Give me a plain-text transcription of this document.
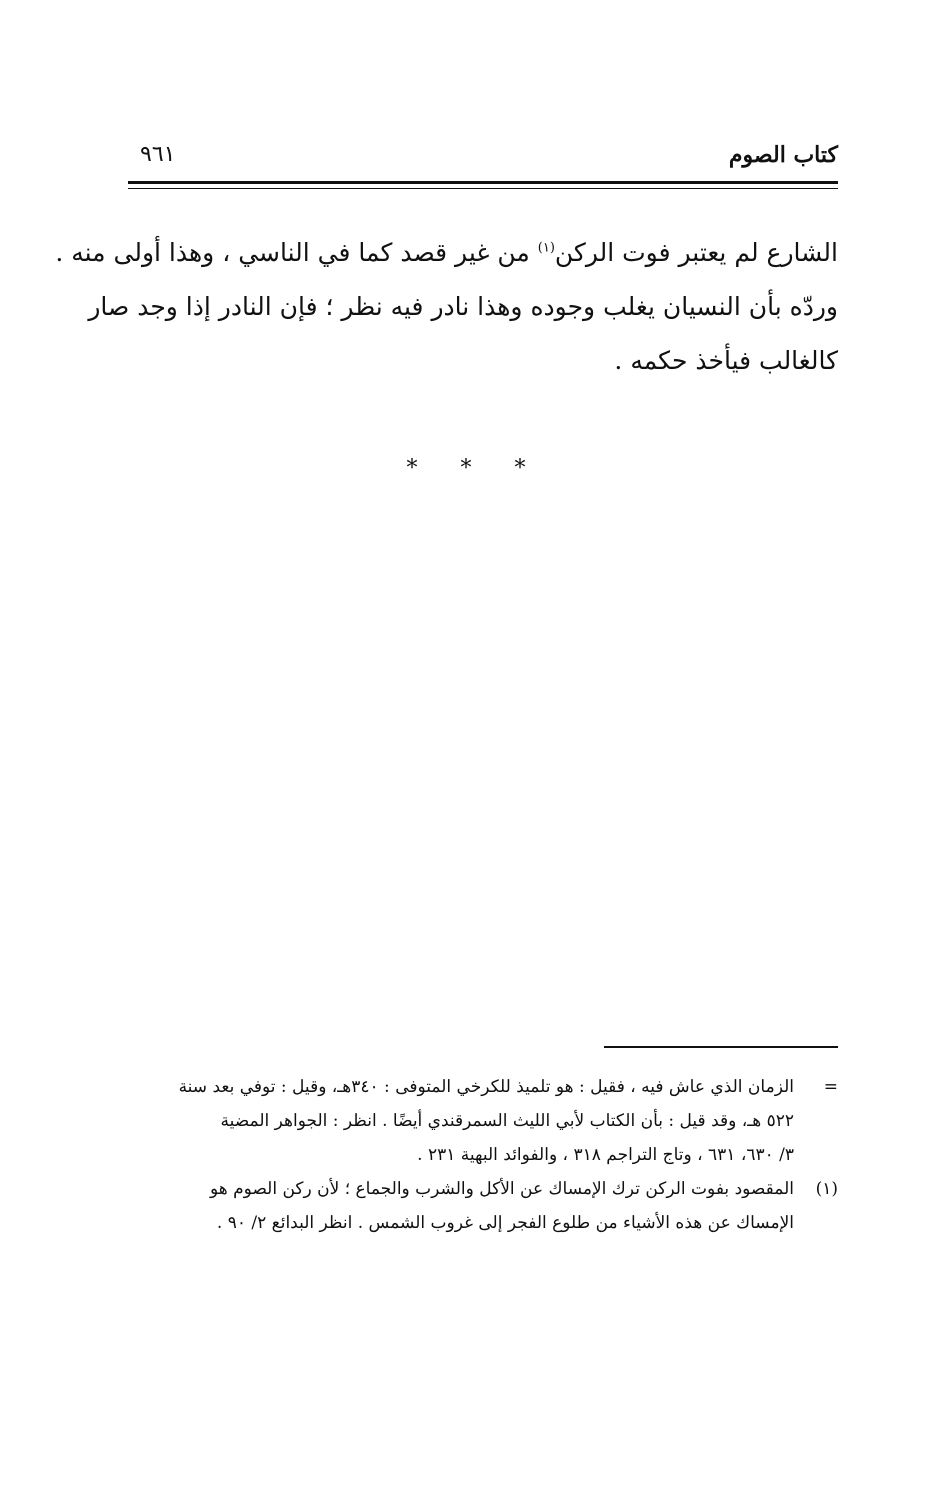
كتاب الصوم
٩٦١
الشارع لم يعتبر فوت الركن$^{(١)}$ من غير قصد كما في الناسي ، وهذا أولى منه .
وردّه بأن النسيان يغلب وجوده وهذا نادر فيه نظر ؛ فإن النادر إذا وجد صار
كالغالب فيأخذ حكمه .
* * *
=
الزمان الذي عاش فيه ، فقيل : هو تلميذ للكرخي المتوفى : ٣٤٠هـ، وقيل : توفي بعد سنة
٥٢٢ هـ، وقد قيل : بأن الكتاب لأبي الليث السمرقندي أيضًا . انظر : الجواهر المضية
٣/ ٦٣٠، ٦٣١ ، وتاج التراجم ٣١٨ ، والفوائد البهية ٢٣١ .
(١)
المقصود بفوت الركن ترك الإمساك عن الأكل والشرب والجماع ؛ لأن ركن الصوم هو
الإمساك عن هذه الأشياء من طلوع الفجر إلى غروب الشمس . انظر البدائع ٢/ ٩٠ .
